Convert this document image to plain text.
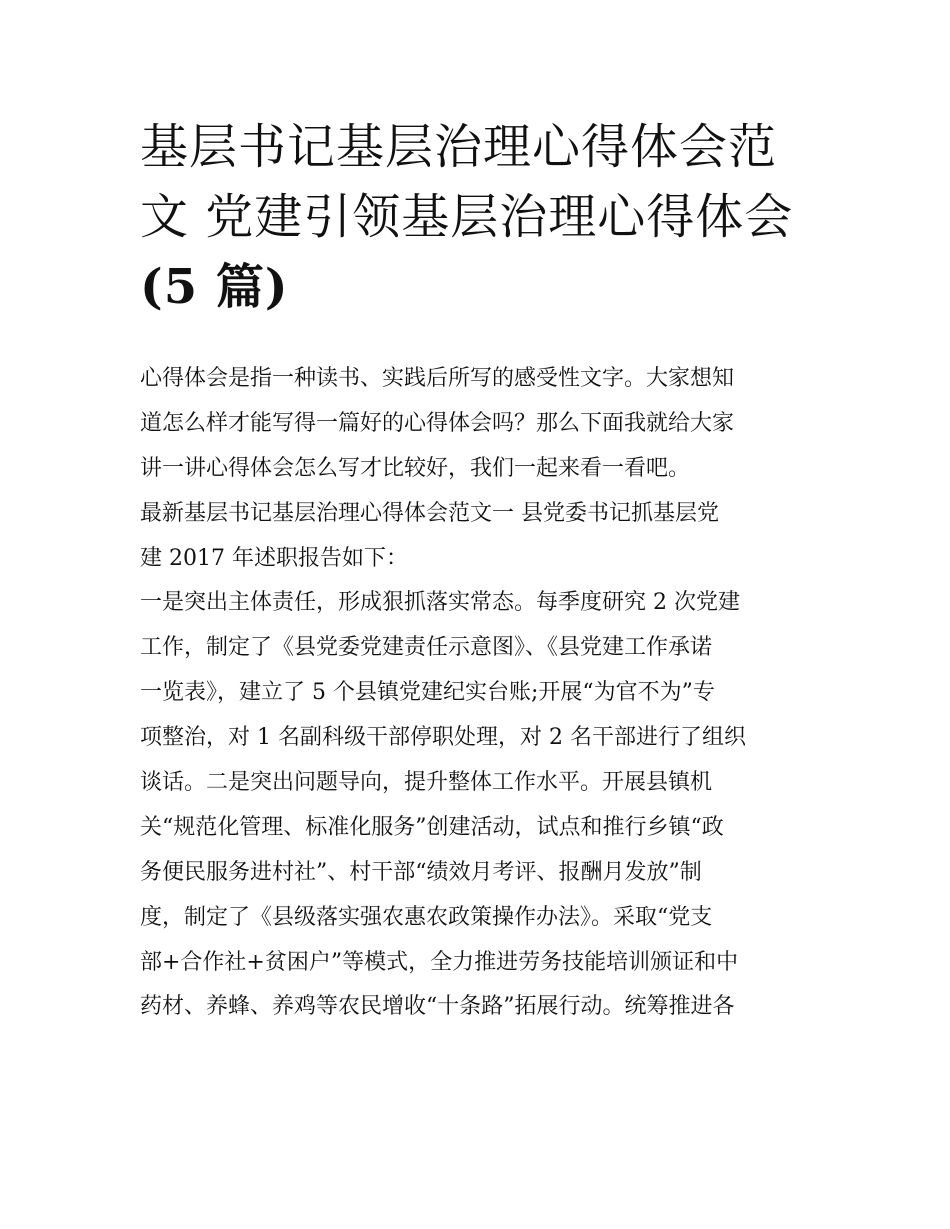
基层书记基层治理心得体会范
文 党建引领基层治理心得体会
(5 篇)
心得体会是指一种读书、实践后所写的感受性文字。大家想知
道怎么样才能写得一篇好的心得体会吗？那么下面我就给大家
讲一讲心得体会怎么写才比较好，我们一起来看一看吧。
最新基层书记基层治理心得体会范文一 县党委书记抓基层党
建 2017 年述职报告如下：
一是突出主体责任，形成狠抓落实常态。每季度研究 2 次党建
工作，制定了《县党委党建责任示意图》、《县党建工作承诺
一览表》，建立了 5 个县镇党建纪实台账;开展“为官不为”专
项整治，对 1 名副科级干部停职处理，对 2 名干部进行了组织
谈话。二是突出问题导向，提升整体工作水平。开展县镇机
关“规范化管理、标准化服务”创建活动，试点和推行乡镇“政
务便民服务进村社”、村干部“绩效月考评、报酬月发放”制
度，制定了《县级落实强农惠农政策操作办法》。采取“党支
部+合作社+贫困户”等模式，全力推进劳务技能培训颁证和中
药材、养蜂、养鸡等农民增收“十条路”拓展行动。统筹推进各
